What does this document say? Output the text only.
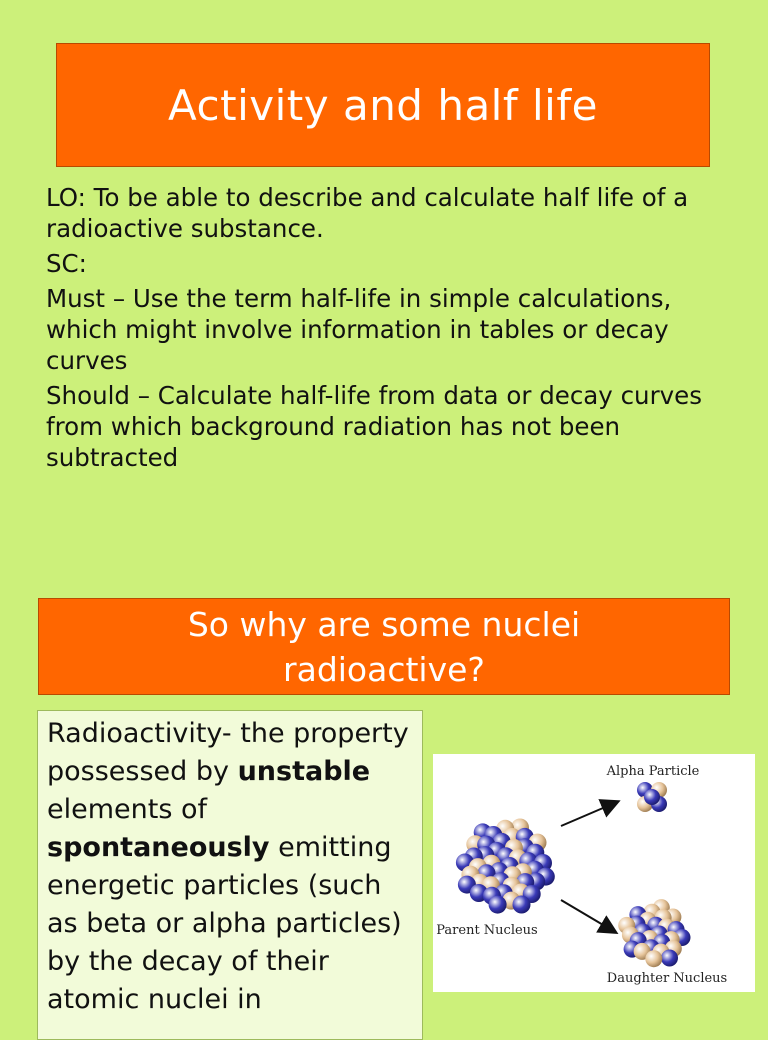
Activity and half life

LO: To be able to describe and calculate half life of a radioactive substance.

SC:

Must – Use the term half-life in simple calculations, which might involve information in tables or decay curves

Should – Calculate half-life from data or decay curves from which background radiation has not been subtracted

So why are some nuclei
radioactive?
Radioactivity- the property possessed by unstable elements of spontaneously emitting energetic particles (such as beta or alpha particles) by the decay of their atomic nuclei in
Alpha Particle
Parent Nucleus
Daughter Nucleus
